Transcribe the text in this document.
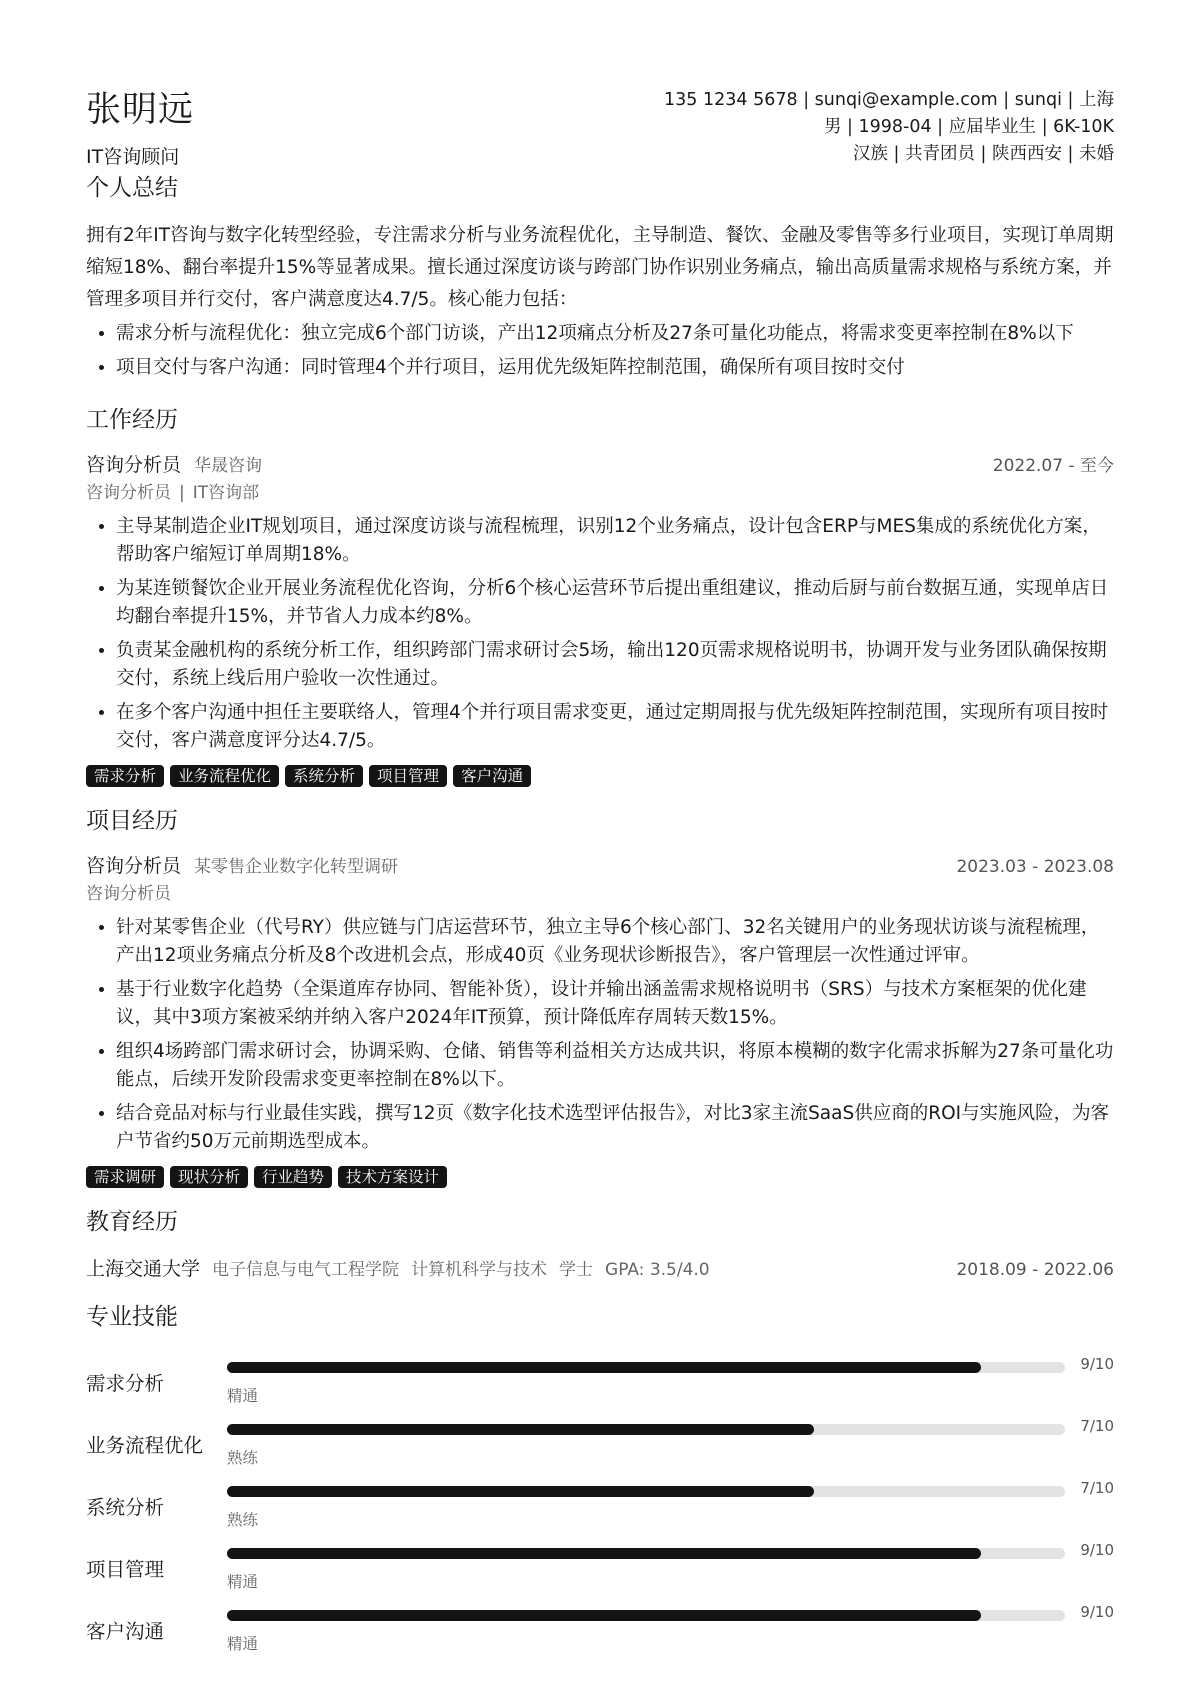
张明远
IT咨询顾问
135 1234 5678 | sunqi@example.com | sunqi | 上海
男 | 1998-04 | 应届毕业生 | 6K-10K
汉族 | 共青团员 | 陕西西安 | 未婚
个人总结

拥有2年IT咨询与数字化转型经验，专注需求分析与业务流程优化，主导制造、餐饮、金融及零售等多行业项目，实现订单周期缩短18%、翻台率提升15%等显著成果。擅长通过深度访谈与跨部门协作识别业务痛点，输出高质量需求规格与系统方案，并管理多项目并行交付，客户满意度达4.7/5。核心能力包括：

• 需求分析与流程优化：独立完成6个部门访谈，产出12项痛点分析及27条可量化功能点，将需求变更率控制在8%以下
• 项目交付与客户沟通：同时管理4个并行项目，运用优先级矩阵控制范围，确保所有项目按时交付
工作经历
咨询分析员 华晟咨询	2022.07 - 至今
咨询分析员 | IT咨询部
• 主导某制造企业IT规划项目，通过深度访谈与流程梳理，识别12个业务痛点，设计包含ERP与MES集成的系统优化方案，帮助客户缩短订单周期18%。
• 为某连锁餐饮企业开展业务流程优化咨询，分析6个核心运营环节后提出重组建议，推动后厨与前台数据互通，实现单店日均翻台率提升15%，并节省人力成本约8%。
• 负责某金融机构的系统分析工作，组织跨部门需求研讨会5场，输出120页需求规格说明书，协调开发与业务团队确保按期交付，系统上线后用户验收一次性通过。
• 在多个客户沟通中担任主要联络人，管理4个并行项目需求变更，通过定期周报与优先级矩阵控制范围，实现所有项目按时交付，客户满意度评分达4.7/5。
需求分析	业务流程优化	系统分析	项目管理	客户沟通
项目经历
咨询分析员 某零售企业数字化转型调研	2023.03 - 2023.08
咨询分析员
• 针对某零售企业（代号RY）供应链与门店运营环节，独立主导6个核心部门、32名关键用户的业务现状访谈与流程梳理，产出12项业务痛点分析及8个改进机会点，形成40页《业务现状诊断报告》，客户管理层一次性通过评审。
• 基于行业数字化趋势（全渠道库存协同、智能补货），设计并输出涵盖需求规格说明书（SRS）与技术方案框架的优化建议，其中3项方案被采纳并纳入客户2024年IT预算，预计降低库存周转天数15%。
• 组织4场跨部门需求研讨会，协调采购、仓储、销售等利益相关方达成共识，将原本模糊的数字化需求拆解为27条可量化功能点，后续开发阶段需求变更率控制在8%以下。
• 结合竞品对标与行业最佳实践，撰写12页《数字化技术选型评估报告》，对比3家主流SaaS供应商的ROI与实施风险，为客户节省约50万元前期选型成本。
需求调研	现状分析	行业趋势	技术方案设计
教育经历
上海交通大学 电子信息与电气工程学院 计算机科学与技术 学士 GPA: 3.5/4.0	2018.09 - 2022.06
专业技能
需求分析
精通
9/10
业务流程优化
熟练
7/10
系统分析
熟练
7/10
项目管理
精通
9/10
客户沟通
精通
9/10
